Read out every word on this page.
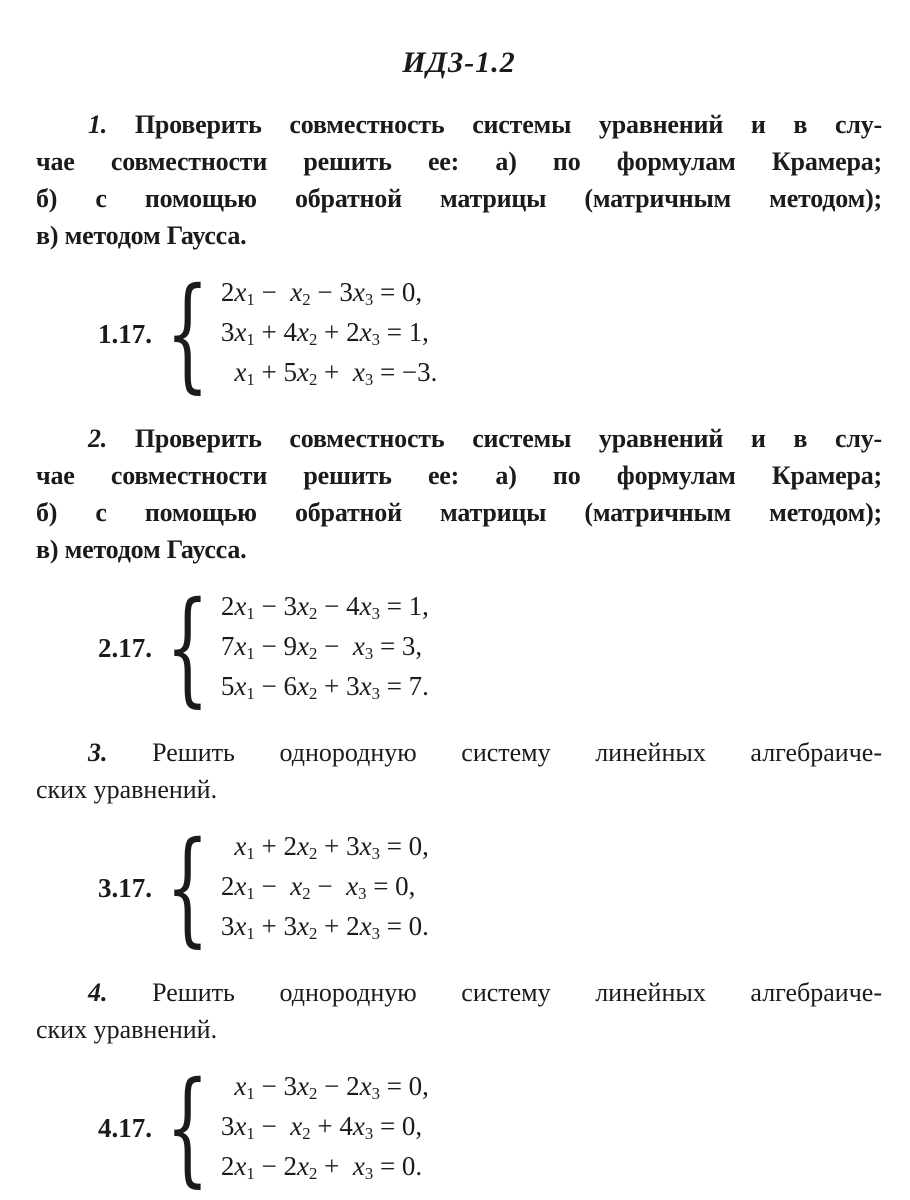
ИДЗ-1.2
1. Проверить совместность системы уравнений и в слу-
чае совместности решить ее: а) по формулам Крамера;
б) с помощью обратной матрицы (матричным методом);
в) методом Гаусса.
1.17. { $2x_1 - x_2 - 3x_3 = 0$,
$3x_1 + 4x_2 + 2x_3 = 1$,
$x_1 + 5x_2 + x_3 = -3$.
2. Проверить совместность системы уравнений и в слу-
чае совместности решить ее: а) по формулам Крамера;
б) с помощью обратной матрицы (матричным методом);
в) методом Гаусса.
2.17. { $2x_1 - 3x_2 - 4x_3 = 1$,
$7x_1 - 9x_2 - x_3 = 3$,
$5x_1 - 6x_2 + 3x_3 = 7$.
3. Решить однородную систему линейных алгебраиче-
ских уравнений.
3.17. { $x_1 + 2x_2 + 3x_3 = 0$,
$2x_1 - x_2 - x_3 = 0$,
$3x_1 + 3x_2 + 2x_3 = 0$.
4. Решить однородную систему линейных алгебраиче-
ских уравнений.
4.17. { $x_1 - 3x_2 - 2x_3 = 0$,
$3x_1 - x_2 + 4x_3 = 0$,
$2x_1 - 2x_2 + x_3 = 0$.
